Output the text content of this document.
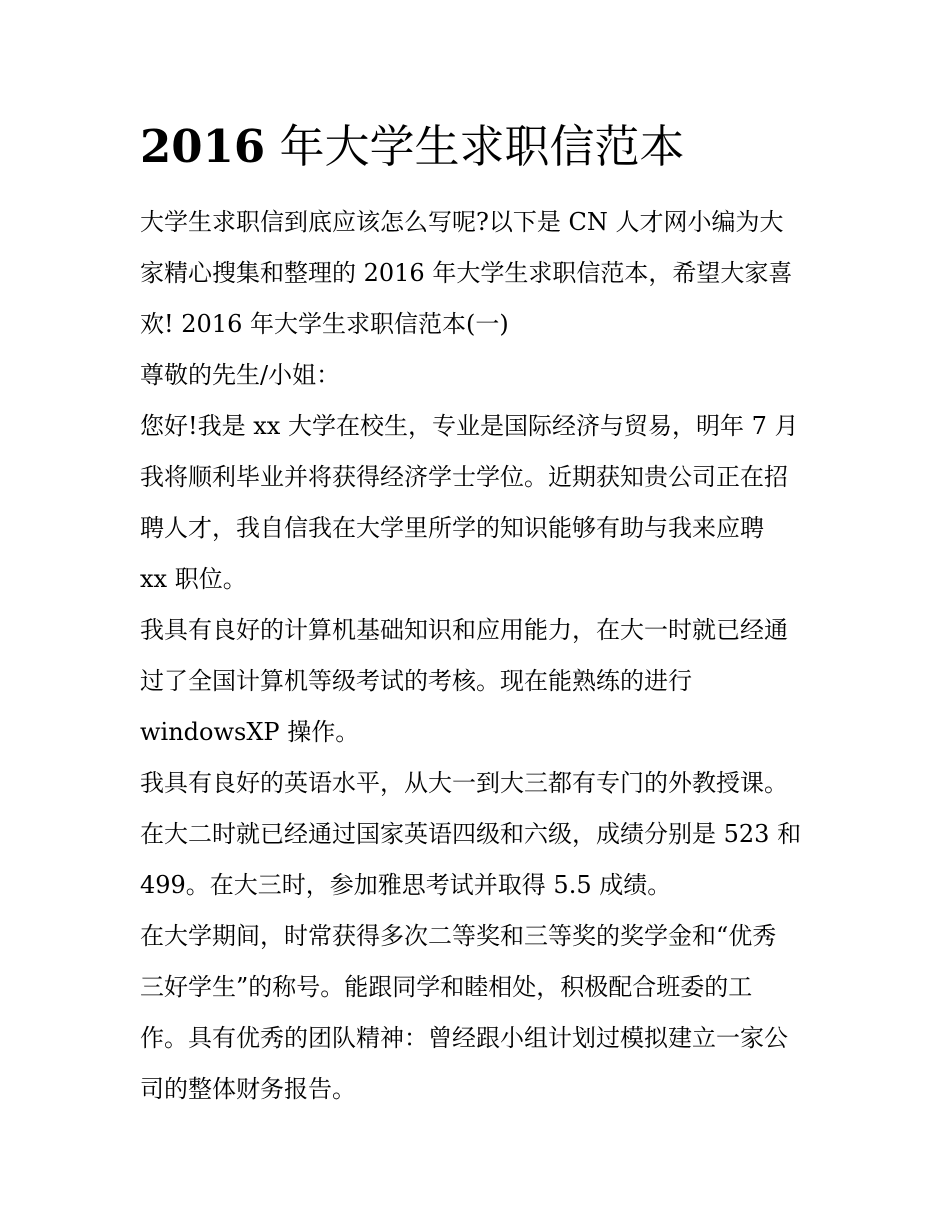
2016 年大学生求职信范本

大学生求职信到底应该怎么写呢?以下是 CN 人才网小编为大

家精心搜集和整理的 2016 年大学生求职信范本，希望大家喜

欢! 2016 年大学生求职信范本(一)

尊敬的先生/小姐：

您好!我是 xx 大学在校生，专业是国际经济与贸易，明年 7 月

我将顺利毕业并将获得经济学士学位。近期获知贵公司正在招

聘人才，我自信我在大学里所学的知识能够有助与我来应聘

xx 职位。

我具有良好的计算机基础知识和应用能力，在大一时就已经通

过了全国计算机等级考试的考核。现在能熟练的进行

windowsXP 操作。

我具有良好的英语水平，从大一到大三都有专门的外教授课。

在大二时就已经通过国家英语四级和六级，成绩分别是 523 和

499。在大三时，参加雅思考试并取得 5.5 成绩。

在大学期间，时常获得多次二等奖和三等奖的奖学金和“优秀

三好学生”的称号。能跟同学和睦相处，积极配合班委的工

作。具有优秀的团队精神：曾经跟小组计划过模拟建立一家公

司的整体财务报告。
